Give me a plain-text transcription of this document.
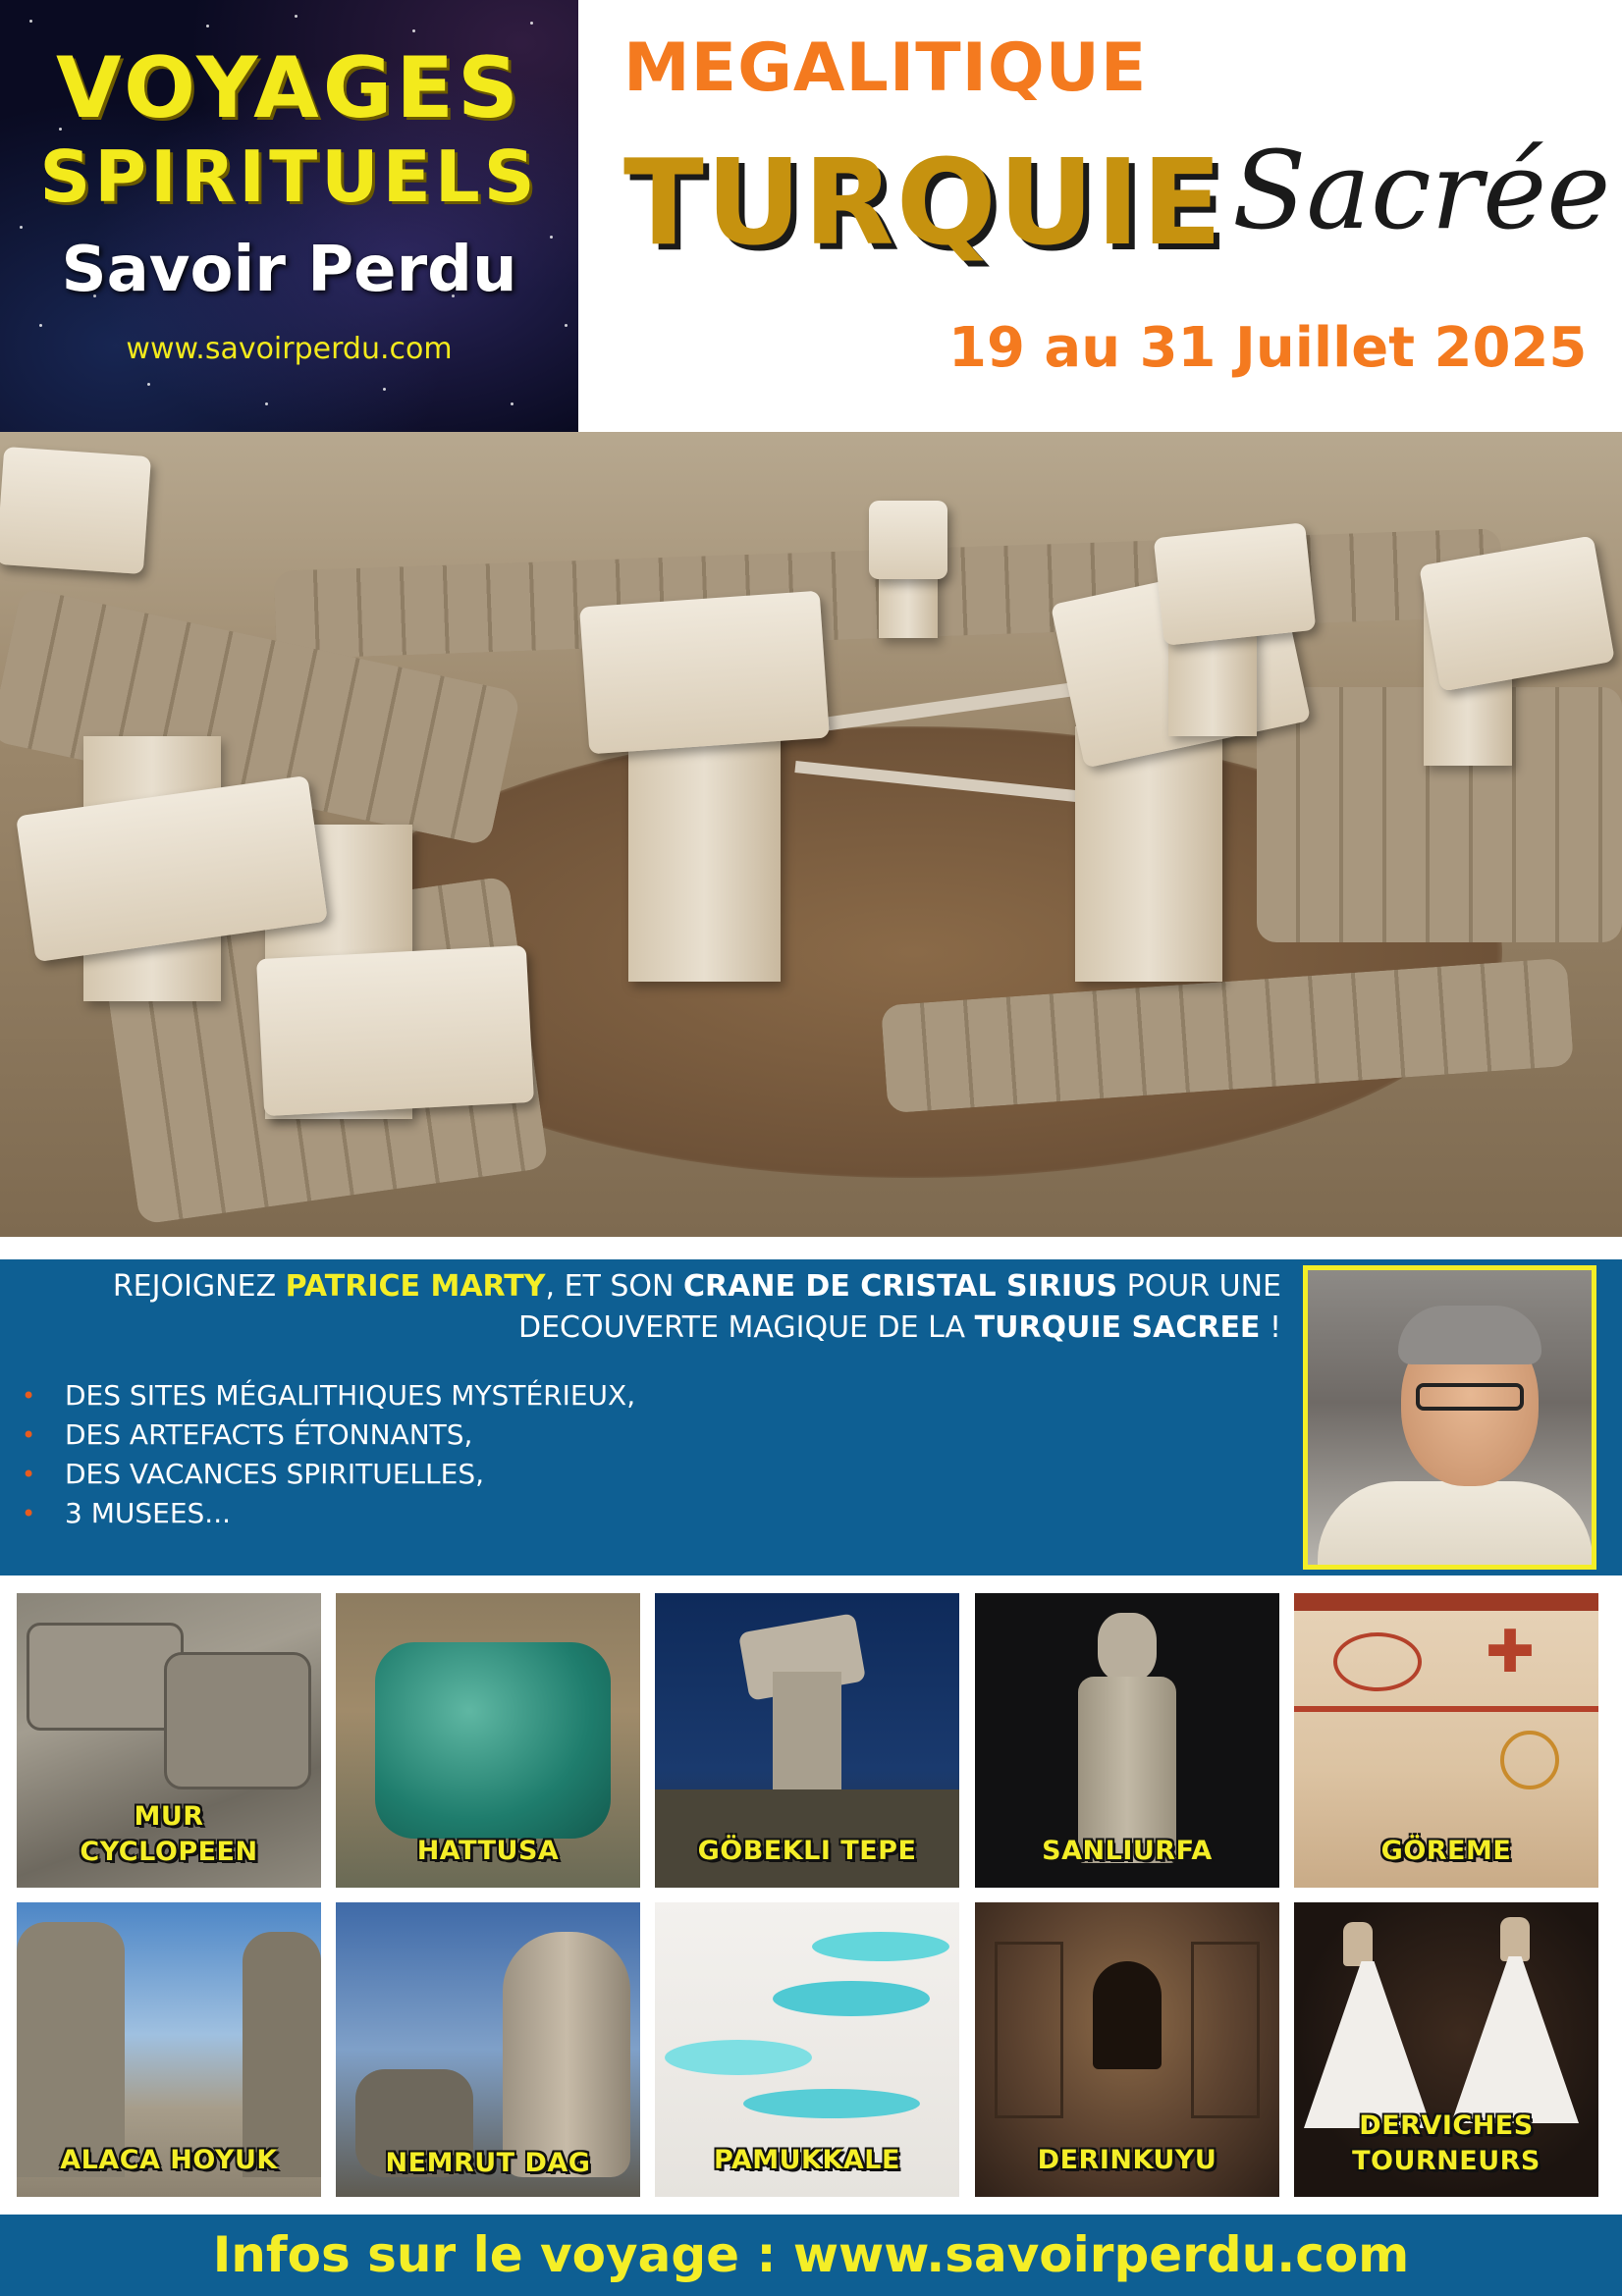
VOYAGES
SPIRITUELS
Savoir Perdu
www.savoirperdu.com
MEGALITIQUE
TURQUIE Sacrée
19 au 31 Juillet 2025
REJOIGNEZ PATRICE MARTY, ET SON CRANE DE CRISTAL SIRIUS POUR UNE
DECOUVERTE MAGIQUE DE LA TURQUIE SACREE !
• DES SITES MÉGALITHIQUES MYSTÉRIEUX,
• DES ARTEFACTS ÉTONNANTS,
• DES VACANCES SPIRITUELLES,
• 3 MUSEES...
MUR
CYCLOPEEN	HATTUSA	GÖBEKLI TEPE	SANLIURFA
✚
GÖREME
ALACA HOYUK	NEMRUT DAG	PAMUKKALE	DERINKUYU
DERVICHES
TOURNEURS
Infos sur le voyage : www.savoirperdu.com
